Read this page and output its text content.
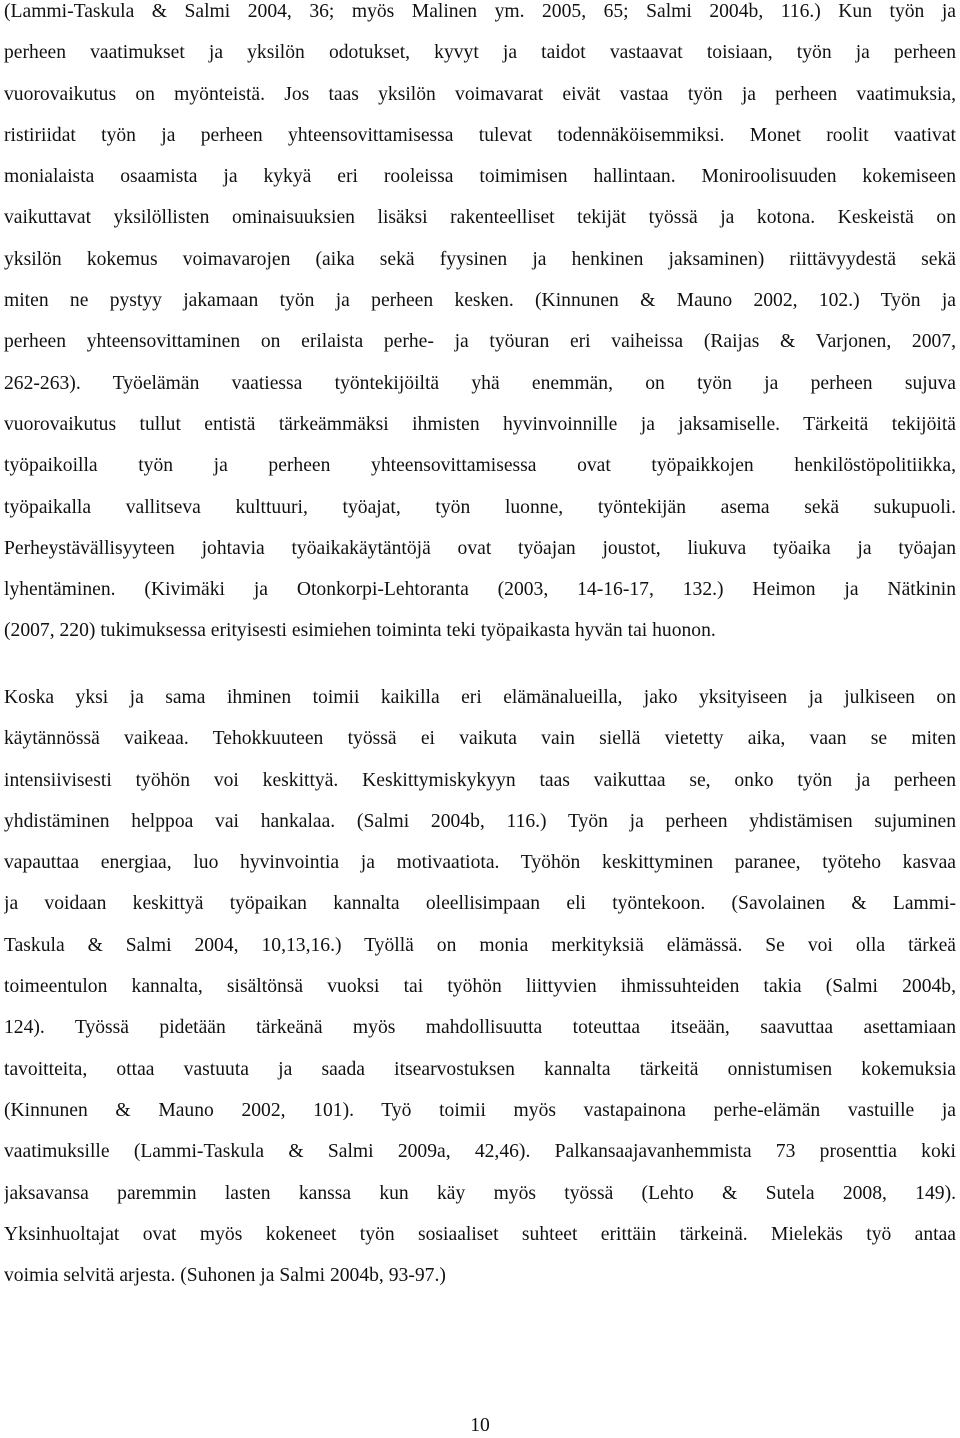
(Lammi-Taskula & Salmi 2004, 36; myös Malinen ym. 2005, 65; Salmi 2004b, 116.) Kun työn ja
perheen vaatimukset ja yksilön odotukset, kyvyt ja taidot vastaavat toisiaan, työn ja perheen
vuorovaikutus on myönteistä. Jos taas yksilön voimavarat eivät vastaa työn ja perheen vaatimuksia,
ristiriidat työn ja perheen yhteensovittamisessa tulevat todennäköisemmiksi. Monet roolit vaativat
monialaista osaamista ja kykyä eri rooleissa toimimisen hallintaan. Moniroolisuuden kokemiseen
vaikuttavat yksilöllisten ominaisuuksien lisäksi rakenteelliset tekijät työssä ja kotona. Keskeistä on
yksilön kokemus voimavarojen (aika sekä fyysinen ja henkinen jaksaminen) riittävyydestä sekä
miten ne pystyy jakamaan työn ja perheen kesken. (Kinnunen & Mauno 2002, 102.) Työn ja
perheen yhteensovittaminen on erilaista perhe- ja työuran eri vaiheissa (Raijas & Varjonen, 2007,
262-263). Työelämän vaatiessa työntekijöiltä yhä enemmän, on työn ja perheen sujuva
vuorovaikutus tullut entistä tärkeämmäksi ihmisten hyvinvoinnille ja jaksamiselle. Tärkeitä tekijöitä
työpaikoilla työn ja perheen yhteensovittamisessa ovat työpaikkojen henkilöstöpolitiikka,
työpaikalla vallitseva kulttuuri, työajat, työn luonne, työntekijän asema sekä sukupuoli.
Perheystävällisyyteen johtavia työaikakäytäntöjä ovat työajan joustot, liukuva työaika ja työajan
lyhentäminen. (Kivimäki ja Otonkorpi-Lehtoranta (2003, 14-16-17, 132.) Heimon ja Nätkinin
(2007, 220) tukimuksessa erityisesti esimiehen toiminta teki työpaikasta hyvän tai huonon.
Koska yksi ja sama ihminen toimii kaikilla eri elämänalueilla, jako yksityiseen ja julkiseen on
käytännössä vaikeaa. Tehokkuuteen työssä ei vaikuta vain siellä vietetty aika, vaan se miten
intensiivisesti työhön voi keskittyä. Keskittymiskykyyn taas vaikuttaa se, onko työn ja perheen
yhdistäminen helppoa vai hankalaa. (Salmi 2004b, 116.) Työn ja perheen yhdistämisen sujuminen
vapauttaa energiaa, luo hyvinvointia ja motivaatiota. Työhön keskittyminen paranee, työteho kasvaa
ja voidaan keskittyä työpaikan kannalta oleellisimpaan eli työntekoon. (Savolainen & Lammi-
Taskula & Salmi 2004, 10,13,16.) Työllä on monia merkityksiä elämässä. Se voi olla tärkeä
toimeentulon kannalta, sisältönsä vuoksi tai työhön liittyvien ihmissuhteiden takia (Salmi 2004b,
124). Työssä pidetään tärkeänä myös mahdollisuutta toteuttaa itseään, saavuttaa asettamiaan
tavoitteita, ottaa vastuuta ja saada itsearvostuksen kannalta tärkeitä onnistumisen kokemuksia
(Kinnunen & Mauno 2002, 101). Työ toimii myös vastapainona perhe-elämän vastuille ja
vaatimuksille (Lammi-Taskula & Salmi 2009a, 42,46). Palkansaajavanhemmista 73 prosenttia koki
jaksavansa paremmin lasten kanssa kun käy myös työssä (Lehto & Sutela 2008, 149).
Yksinhuoltajat ovat myös kokeneet työn sosiaaliset suhteet erittäin tärkeinä. Mielekäs työ antaa
voimia selvitä arjesta. (Suhonen ja Salmi 2004b, 93-97.)
10
